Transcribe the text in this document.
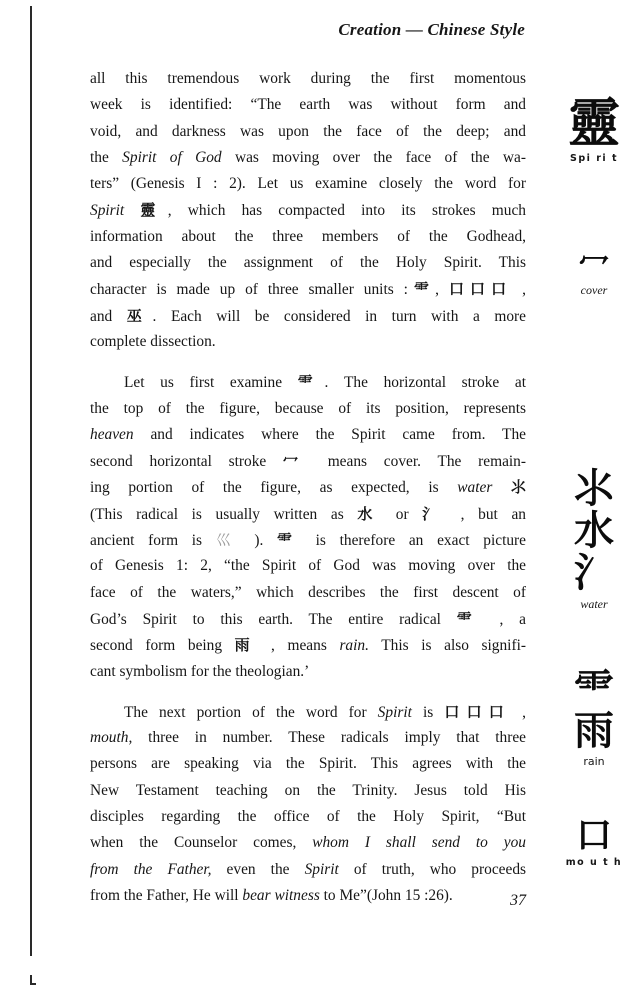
Creation — Chinese Style
all this tremendous work during the first momentous
week is identified: “The earth was without form and
void, and darkness was upon the face of the deep; and
the Spirit of God was moving over the face of the wa-
ters” (Genesis I : 2). Let us examine closely the word for
Spirit 靈, which has compacted into its strokes much
information about the three members of the Godhead,
and especially the assignment of the Holy Spirit. This
character is made up of three smaller units :⻗, 口口口 ,
and 巫. Each will be considered in turn with a more
complete dissection.
Let us first examine ⻗. The horizontal stroke at
the top of the figure, because of its position, represents
heaven and indicates where the Spirit came from. The
second horizontal stroke 冖 means cover. The remain-
ing portion of the figure, as expected, is water ⺢
(This radical is usually written as 水 or 氵 , but an
ancient form is 巛 ). ⻗ is therefore an exact picture
of Genesis 1: 2, “the Spirit of God was moving over the
face of the waters,” which describes the first descent of
God’s Spirit to this earth. The entire radical ⻗ , a
second form being 雨 , means rain. This is also signifi-
cant symbolism for the theologian.’
The next portion of the word for Spirit is 口口口 ,
mouth, three in number. These radicals imply that three
persons are speaking via the Spirit. This agrees with the
New Testament teaching on the Trinity. Jesus told His
disciples regarding the office of the Holy Spirit, “But
when the Counselor comes, whom I shall send to you
from the Father, even the Spirit of truth, who proceeds
from the Father, He will bear witness to Me”(John 15 :26).	37
靈
Spi ri t
冖
cover
⺢
水
氵
water
⻗
雨
rain
口
mo u t h
